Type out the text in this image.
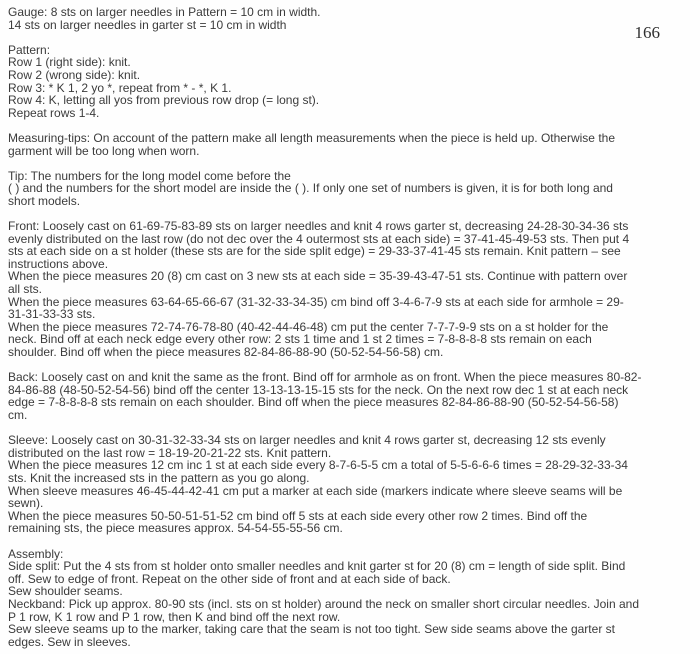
166
Gauge: 8 sts on larger needles in Pattern = 10 cm in width.
14 sts on larger needles in garter st = 10 cm in width
Pattern:
Row 1 (right side): knit.
Row 2 (wrong side): knit.
Row 3: * K 1, 2 yo *, repeat from * - *, K 1.
Row 4: K, letting all yos from previous row drop (= long st).
Repeat rows 1-4.
Measuring-tips: On account of the pattern make all length measurements when the piece is held up. Otherwise the
garment will be too long when worn.
Tip: The numbers for the long model come before the
( ) and the numbers for the short model are inside the ( ). If only one set of numbers is given, it is for both long and
short models.
Front: Loosely cast on 61-69-75-83-89 sts on larger needles and knit 4 rows garter st, decreasing 24-28-30-34-36 sts
evenly distributed on the last row (do not dec over the 4 outermost sts at each side) = 37-41-45-49-53 sts. Then put 4
sts at each side on a st holder (these sts are for the side split edge) = 29-33-37-41-45 sts remain. Knit pattern – see
instructions above.
When the piece measures 20 (8) cm cast on 3 new sts at each side = 35-39-43-47-51 sts. Continue with pattern over
all sts.
When the piece measures 63-64-65-66-67 (31-32-33-34-35) cm bind off 3-4-6-7-9 sts at each side for armhole = 29-
31-31-33-33 sts.
When the piece measures 72-74-76-78-80 (40-42-44-46-48) cm put the center 7-7-7-9-9 sts on a st holder for the
neck. Bind off at each neck edge every other row: 2 sts 1 time and 1 st 2 times = 7-8-8-8-8 sts remain on each
shoulder. Bind off when the piece measures 82-84-86-88-90 (50-52-54-56-58) cm.
Back: Loosely cast on and knit the same as the front. Bind off for armhole as on front. When the piece measures 80-82-
84-86-88 (48-50-52-54-56) bind off the center 13-13-13-15-15 sts for the neck. On the next row dec 1 st at each neck
edge = 7-8-8-8-8 sts remain on each shoulder. Bind off when the piece measures 82-84-86-88-90 (50-52-54-56-58)
cm.
Sleeve: Loosely cast on 30-31-32-33-34 sts on larger needles and knit 4 rows garter st, decreasing 12 sts evenly
distributed on the last row = 18-19-20-21-22 sts. Knit pattern.
When the piece measures 12 cm inc 1 st at each side every 8-7-6-5-5 cm a total of 5-5-6-6-6 times = 28-29-32-33-34
sts. Knit the increased sts in the pattern as you go along.
When sleeve measures 46-45-44-42-41 cm put a marker at each side (markers indicate where sleeve seams will be
sewn).
When the piece measures 50-50-51-51-52 cm bind off 5 sts at each side every other row 2 times. Bind off the
remaining sts, the piece measures approx. 54-54-55-55-56 cm.
Assembly:
Side split: Put the 4 sts from st holder onto smaller needles and knit garter st for 20 (8) cm = length of side split. Bind
off. Sew to edge of front. Repeat on the other side of front and at each side of back.
Sew shoulder seams.
Neckband: Pick up approx. 80-90 sts (incl. sts on st holder) around the neck on smaller short circular needles. Join and
P 1 row, K 1 row and P 1 row, then K and bind off the next row.
Sew sleeve seams up to the marker, taking care that the seam is not too tight. Sew side seams above the garter st
edges. Sew in sleeves.
